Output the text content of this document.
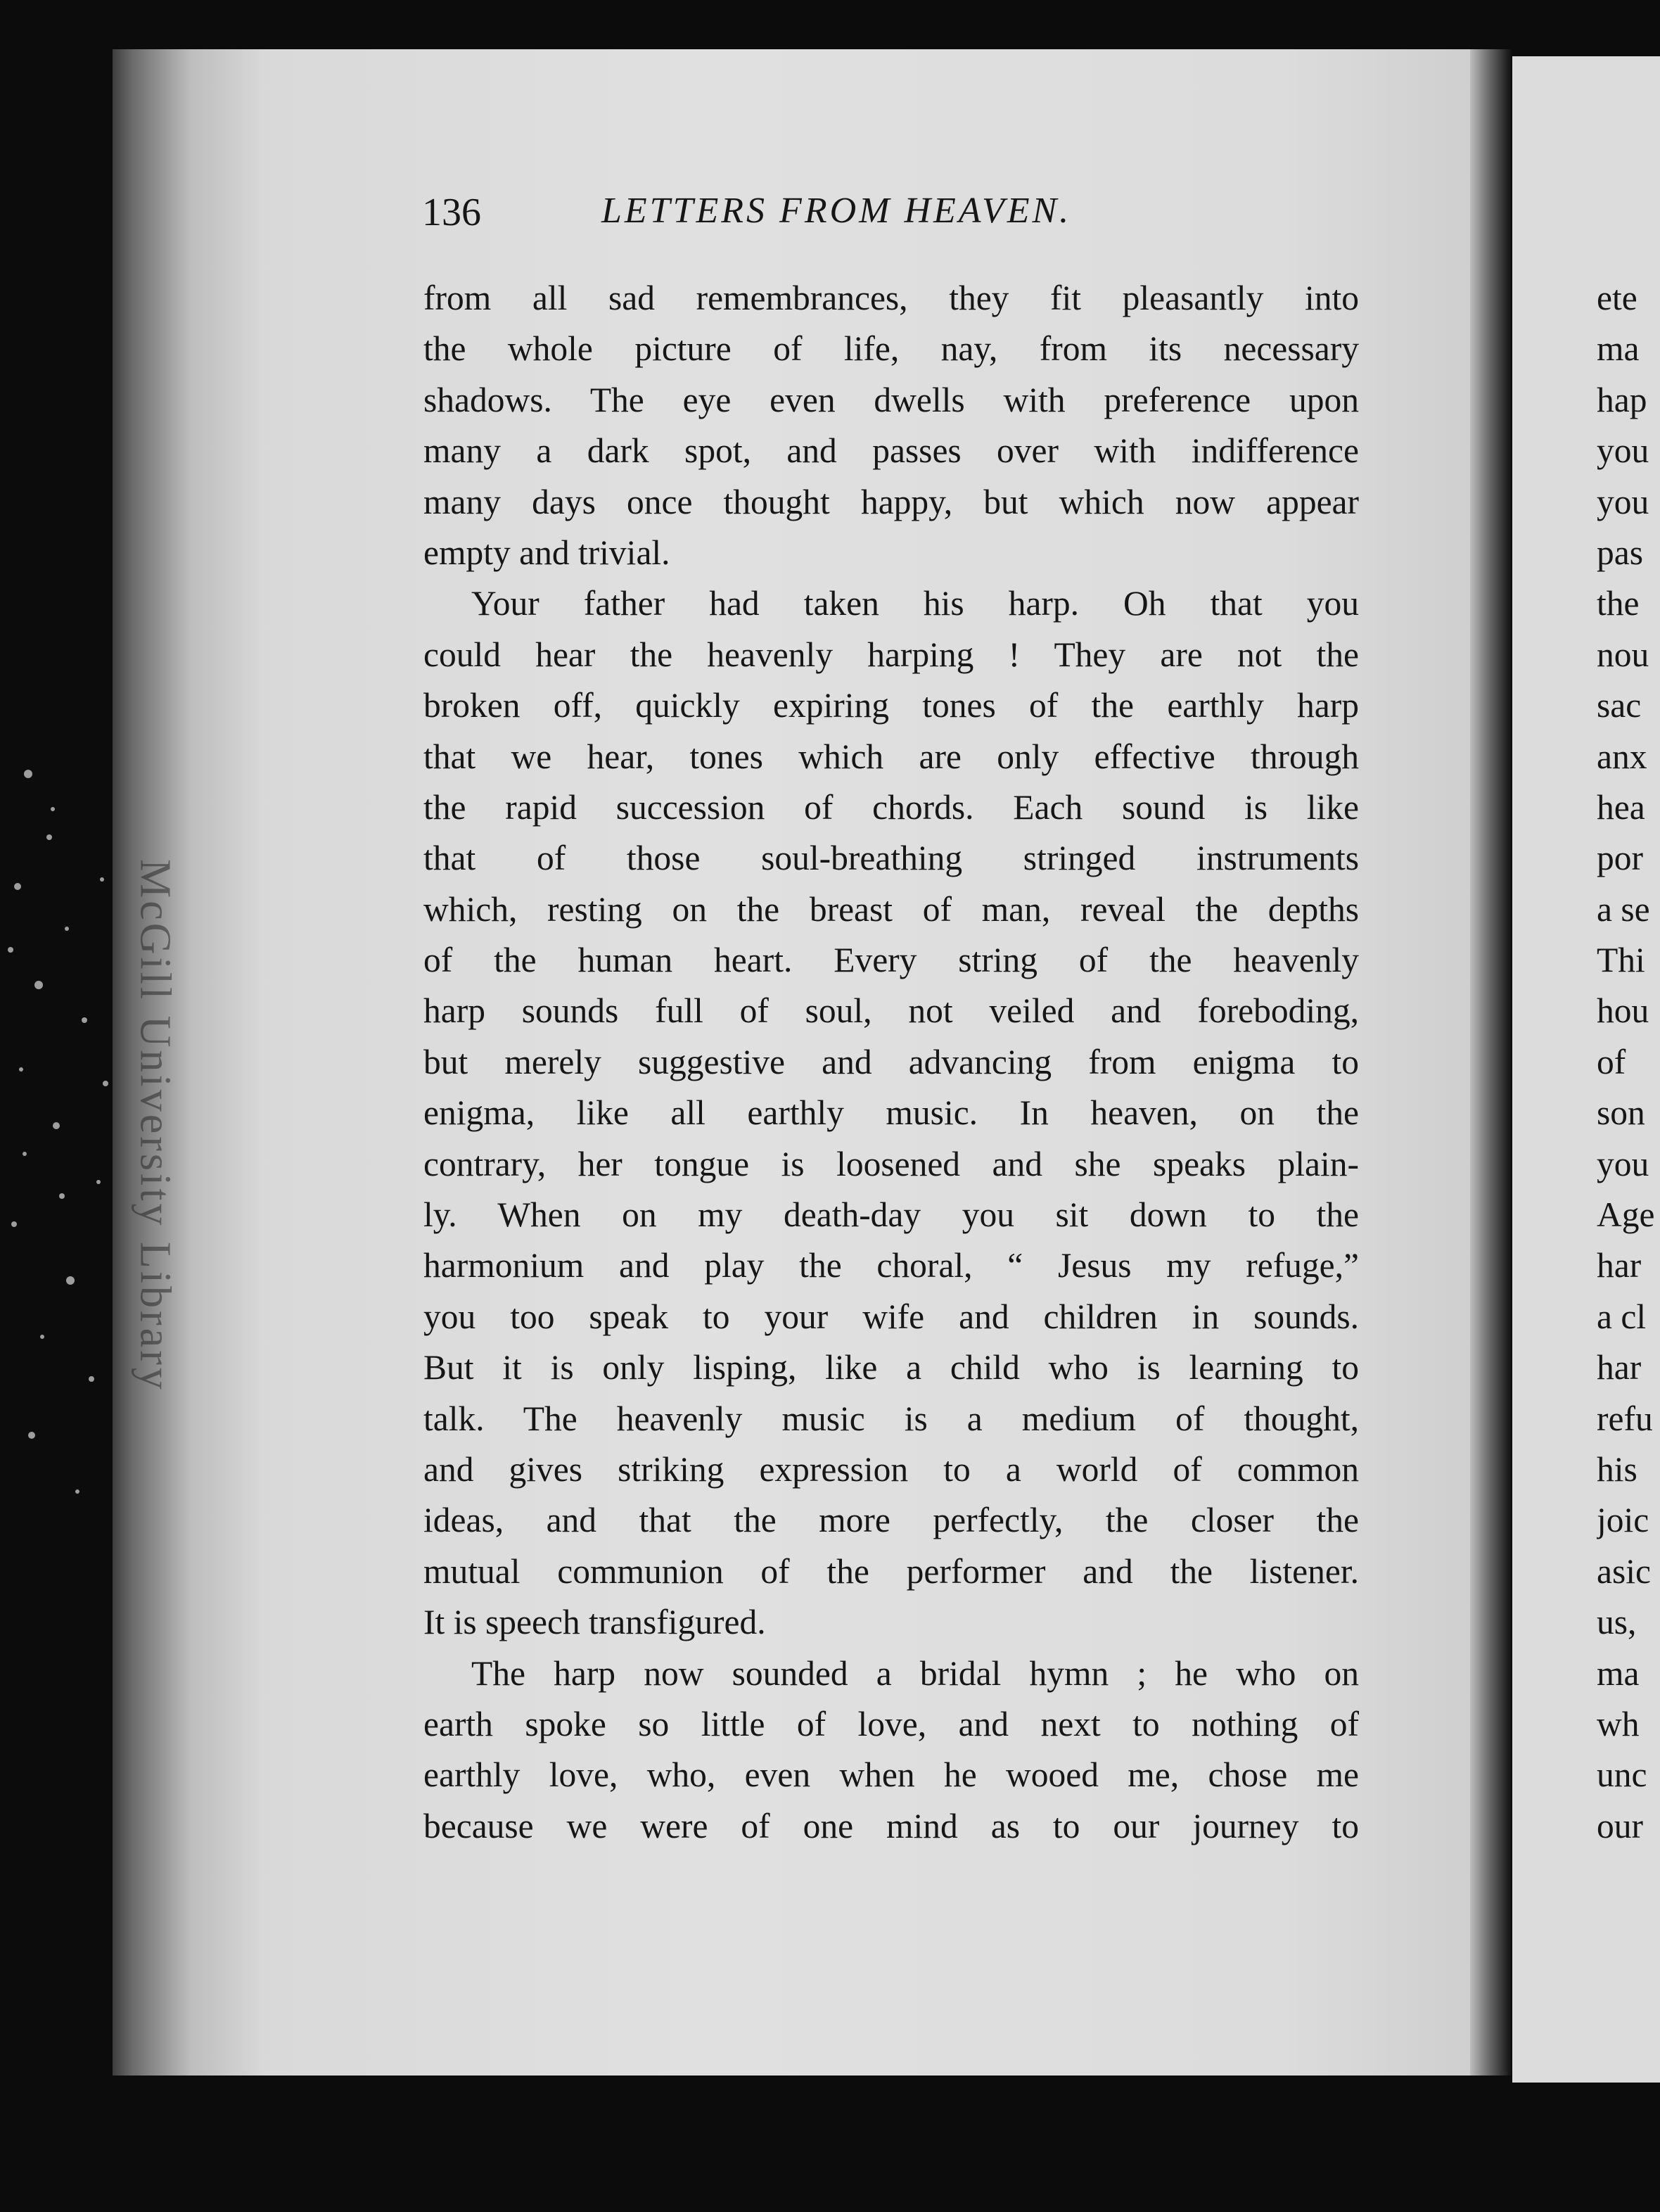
McGill University Library
136	LETTERS FROM HEAVEN.
from all sad remembrances, they fit pleasantly into
the whole picture of life, nay, from its necessary
shadows. The eye even dwells with preference upon
many a dark spot, and passes over with indifference
many days once thought happy, but which now appear
empty and trivial.
Your father had taken his harp. Oh that you
could hear the heavenly harping ! They are not the
broken off, quickly expiring tones of the earthly harp
that we hear, tones which are only effective through
the rapid succession of chords. Each sound is like
that of those soul-breathing stringed instruments
which, resting on the breast of man, reveal the depths
of the human heart. Every string of the heavenly
harp sounds full of soul, not veiled and foreboding,
but merely suggestive and advancing from enigma to
enigma, like all earthly music. In heaven, on the
contrary, her tongue is loosened and she speaks plain-
ly. When on my death-day you sit down to the
harmonium and play the choral, “ Jesus my refuge,”
you too speak to your wife and children in sounds.
But it is only lisping, like a child who is learning to
talk. The heavenly music is a medium of thought,
and gives striking expression to a world of common
ideas, and that the more perfectly, the closer the
mutual communion of the performer and the listener.
It is speech transfigured.
The harp now sounded a bridal hymn ; he who on
earth spoke so little of love, and next to nothing of
earthly love, who, even when he wooed me, chose me
because we were of one mind as to our journey to
ete
ma
hap
you
you
pas
the
nou
sac
anx
hea
por
a se
Thi
hou
of
son
you
Age
har
a cl
har
refu
his
joic
asic
us,
ma
wh
unc
our
